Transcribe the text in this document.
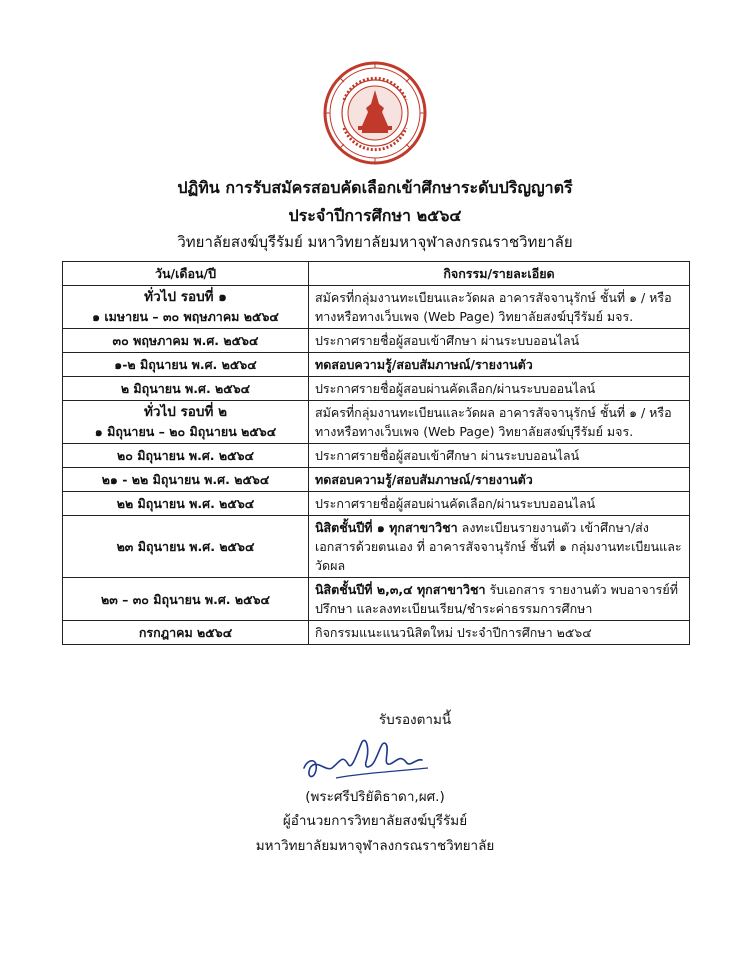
ปฏิทิน การรับสมัครสอบคัดเลือกเข้าศึกษาระดับปริญญาตรี
ประจำปีการศึกษา ๒๕๖๔
วิทยาลัยสงฆ์บุรีรัมย์ มหาวิทยาลัยมหาจุฬาลงกรณราชวิทยาลัย
วัน/เดือน/ปี	กิจกรรม/รายละเอียด

ทั่วไป รอบที่ ๑
๑ เมษายน – ๓๐ พฤษภาคม ๒๕๖๔	สมัครที่กลุ่มงานทะเบียนและวัดผล อาคารสัจจานุรักษ์ ชั้นที่ ๑ / หรือทางหรือทางเว็บเพจ (Web Page) วิทยาลัยสงฆ์บุรีรัมย์ มจร.
๓๐ พฤษภาคม พ.ศ. ๒๕๖๔	ประกาศรายชื่อผู้สอบเข้าศึกษา ผ่านระบบออนไลน์
๑-๒ มิถุนายน พ.ศ. ๒๕๖๔	ทดสอบความรู้/สอบสัมภาษณ์/รายงานตัว
๒ มิถุนายน พ.ศ. ๒๕๖๔	ประกาศรายชื่อผู้สอบผ่านคัดเลือก/ผ่านระบบออนไลน์

ทั่วไป รอบที่ ๒
๑ มิถุนายน – ๒๐ มิถุนายน ๒๕๖๔	สมัครที่กลุ่มงานทะเบียนและวัดผล อาคารสัจจานุรักษ์ ชั้นที่ ๑ / หรือทางหรือทางเว็บเพจ (Web Page) วิทยาลัยสงฆ์บุรีรัมย์ มจร.
๒๐ มิถุนายน พ.ศ. ๒๕๖๔	ประกาศรายชื่อผู้สอบเข้าศึกษา ผ่านระบบออนไลน์
๒๑ - ๒๒ มิถุนายน พ.ศ. ๒๕๖๔	ทดสอบความรู้/สอบสัมภาษณ์/รายงานตัว
๒๒ มิถุนายน พ.ศ. ๒๕๖๔	ประกาศรายชื่อผู้สอบผ่านคัดเลือก/ผ่านระบบออนไลน์
๒๓ มิถุนายน พ.ศ. ๒๕๖๔	นิสิตชั้นปีที่ ๑ ทุกสาขาวิชา ลงทะเบียนรายงานตัว เข้าศึกษา/ส่งเอกสารด้วยตนเอง ที่ อาคารสัจจานุรักษ์ ชั้นที่ ๑ กลุ่มงานทะเบียนและวัดผล
๒๓ – ๓๐ มิถุนายน พ.ศ. ๒๕๖๔	นิสิตชั้นปีที่ ๒,๓,๔ ทุกสาขาวิชา รับเอกสาร รายงานตัว พบอาจารย์ที่ปรึกษา และลงทะเบียนเรียน/ชำระค่าธรรมการศึกษา
กรกฎาคม ๒๕๖๔	กิจกรรมแนะแนวนิสิตใหม่ ประจำปีการศึกษา ๒๕๖๔
รับรองตามนี้
(พระศรีปริยัติธาดา,ผศ.)
ผู้อำนวยการวิทยาลัยสงฆ์บุรีรัมย์
มหาวิทยาลัยมหาจุฬาลงกรณราชวิทยาลัย
